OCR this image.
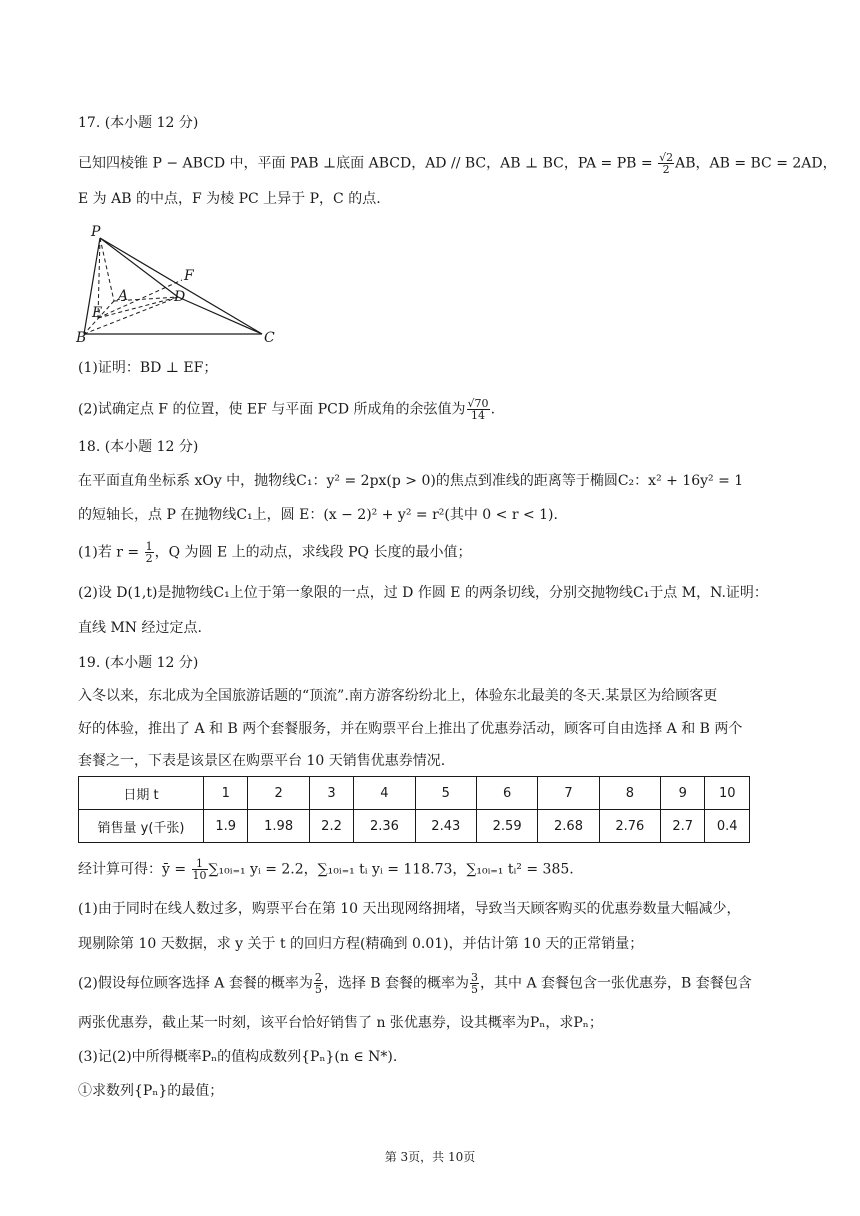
17. (本小题 12 分)
已知四棱锥 P − ABCD 中，平面 PAB ⊥底面 ABCD，AD // BC，AB ⊥ BC，PA = PB = $\frac{√2}{2}$ AB，AB = BC = 2AD，
E 为 AB 的中点，F 为棱 PC 上异于 P，C 的点.
P
F
A	D
E
B	C
(1)证明：BD ⊥ EF；
(2)试确定点 F 的位置，使 EF 与平面 PCD 所成角的余弦值为 $\frac{√70}{14}$ .
18. (本小题 12 分)
在平面直角坐标系 xOy 中，抛物线C₁：y² = 2px(p > 0)的焦点到准线的距离等于椭圆C₂：x² + 16y² = 1
的短轴长，点 P 在抛物线C₁上，圆 E：(x − 2)² + y² = r²(其中 0 < r < 1).
(1)若 $r = \frac{1}{2}$ ，Q 为圆 E 上的动点，求线段 PQ 长度的最小值；
(2)设 D(1,t)是抛物线C₁上位于第一象限的一点，过 D 作圆 E 的两条切线，分别交抛物线C₁于点 M，N.证明：
直线 MN 经过定点.
19. (本小题 12 分)
入冬以来，东北成为全国旅游话题的“顶流”.南方游客纷纷北上，体验东北最美的冬天.某景区为给顾客更
好的体验，推出了 A 和 B 两个套餐服务，并在购票平台上推出了优惠券活动，顾客可自由选择 A 和 B 两个
套餐之一，下表是该景区在购票平台 10 天销售优惠券情况.
日期 t	1	2	3	4	5	6	7	8	9	10
销售量 y(千张)	1.9	1.98	2.2	2.36	2.43	2.59	2.68	2.76	2.7	0.4
经计算可得：ȳ = $\frac{1}{10}$ ∑₁₀ᵢ₌₁ yᵢ = 2.2，∑₁₀ᵢ₌₁ tᵢ yᵢ = 118.73，∑₁₀ᵢ₌₁ tᵢ² = 385.
(1)由于同时在线人数过多，购票平台在第 10 天出现网络拥堵，导致当天顾客购买的优惠券数量大幅减少，
现剔除第 10 天数据，求 y 关于 t 的回归方程(精确到 0.01)，并估计第 10 天的正常销量；
(2)假设每位顾客选择 A 套餐的概率为 $\frac{2}{5}$ ，选择 B 套餐的概率为 $\frac{3}{5}$ ，其中 A 套餐包含一张优惠券，B 套餐包含
两张优惠券，截止某一时刻，该平台恰好销售了 n 张优惠券，设其概率为Pₙ，求Pₙ；
(3)记(2)中所得概率Pₙ的值构成数列{Pₙ}(n ∈ N*).
①求数列{Pₙ}的最值；
第 3页，共 10页
